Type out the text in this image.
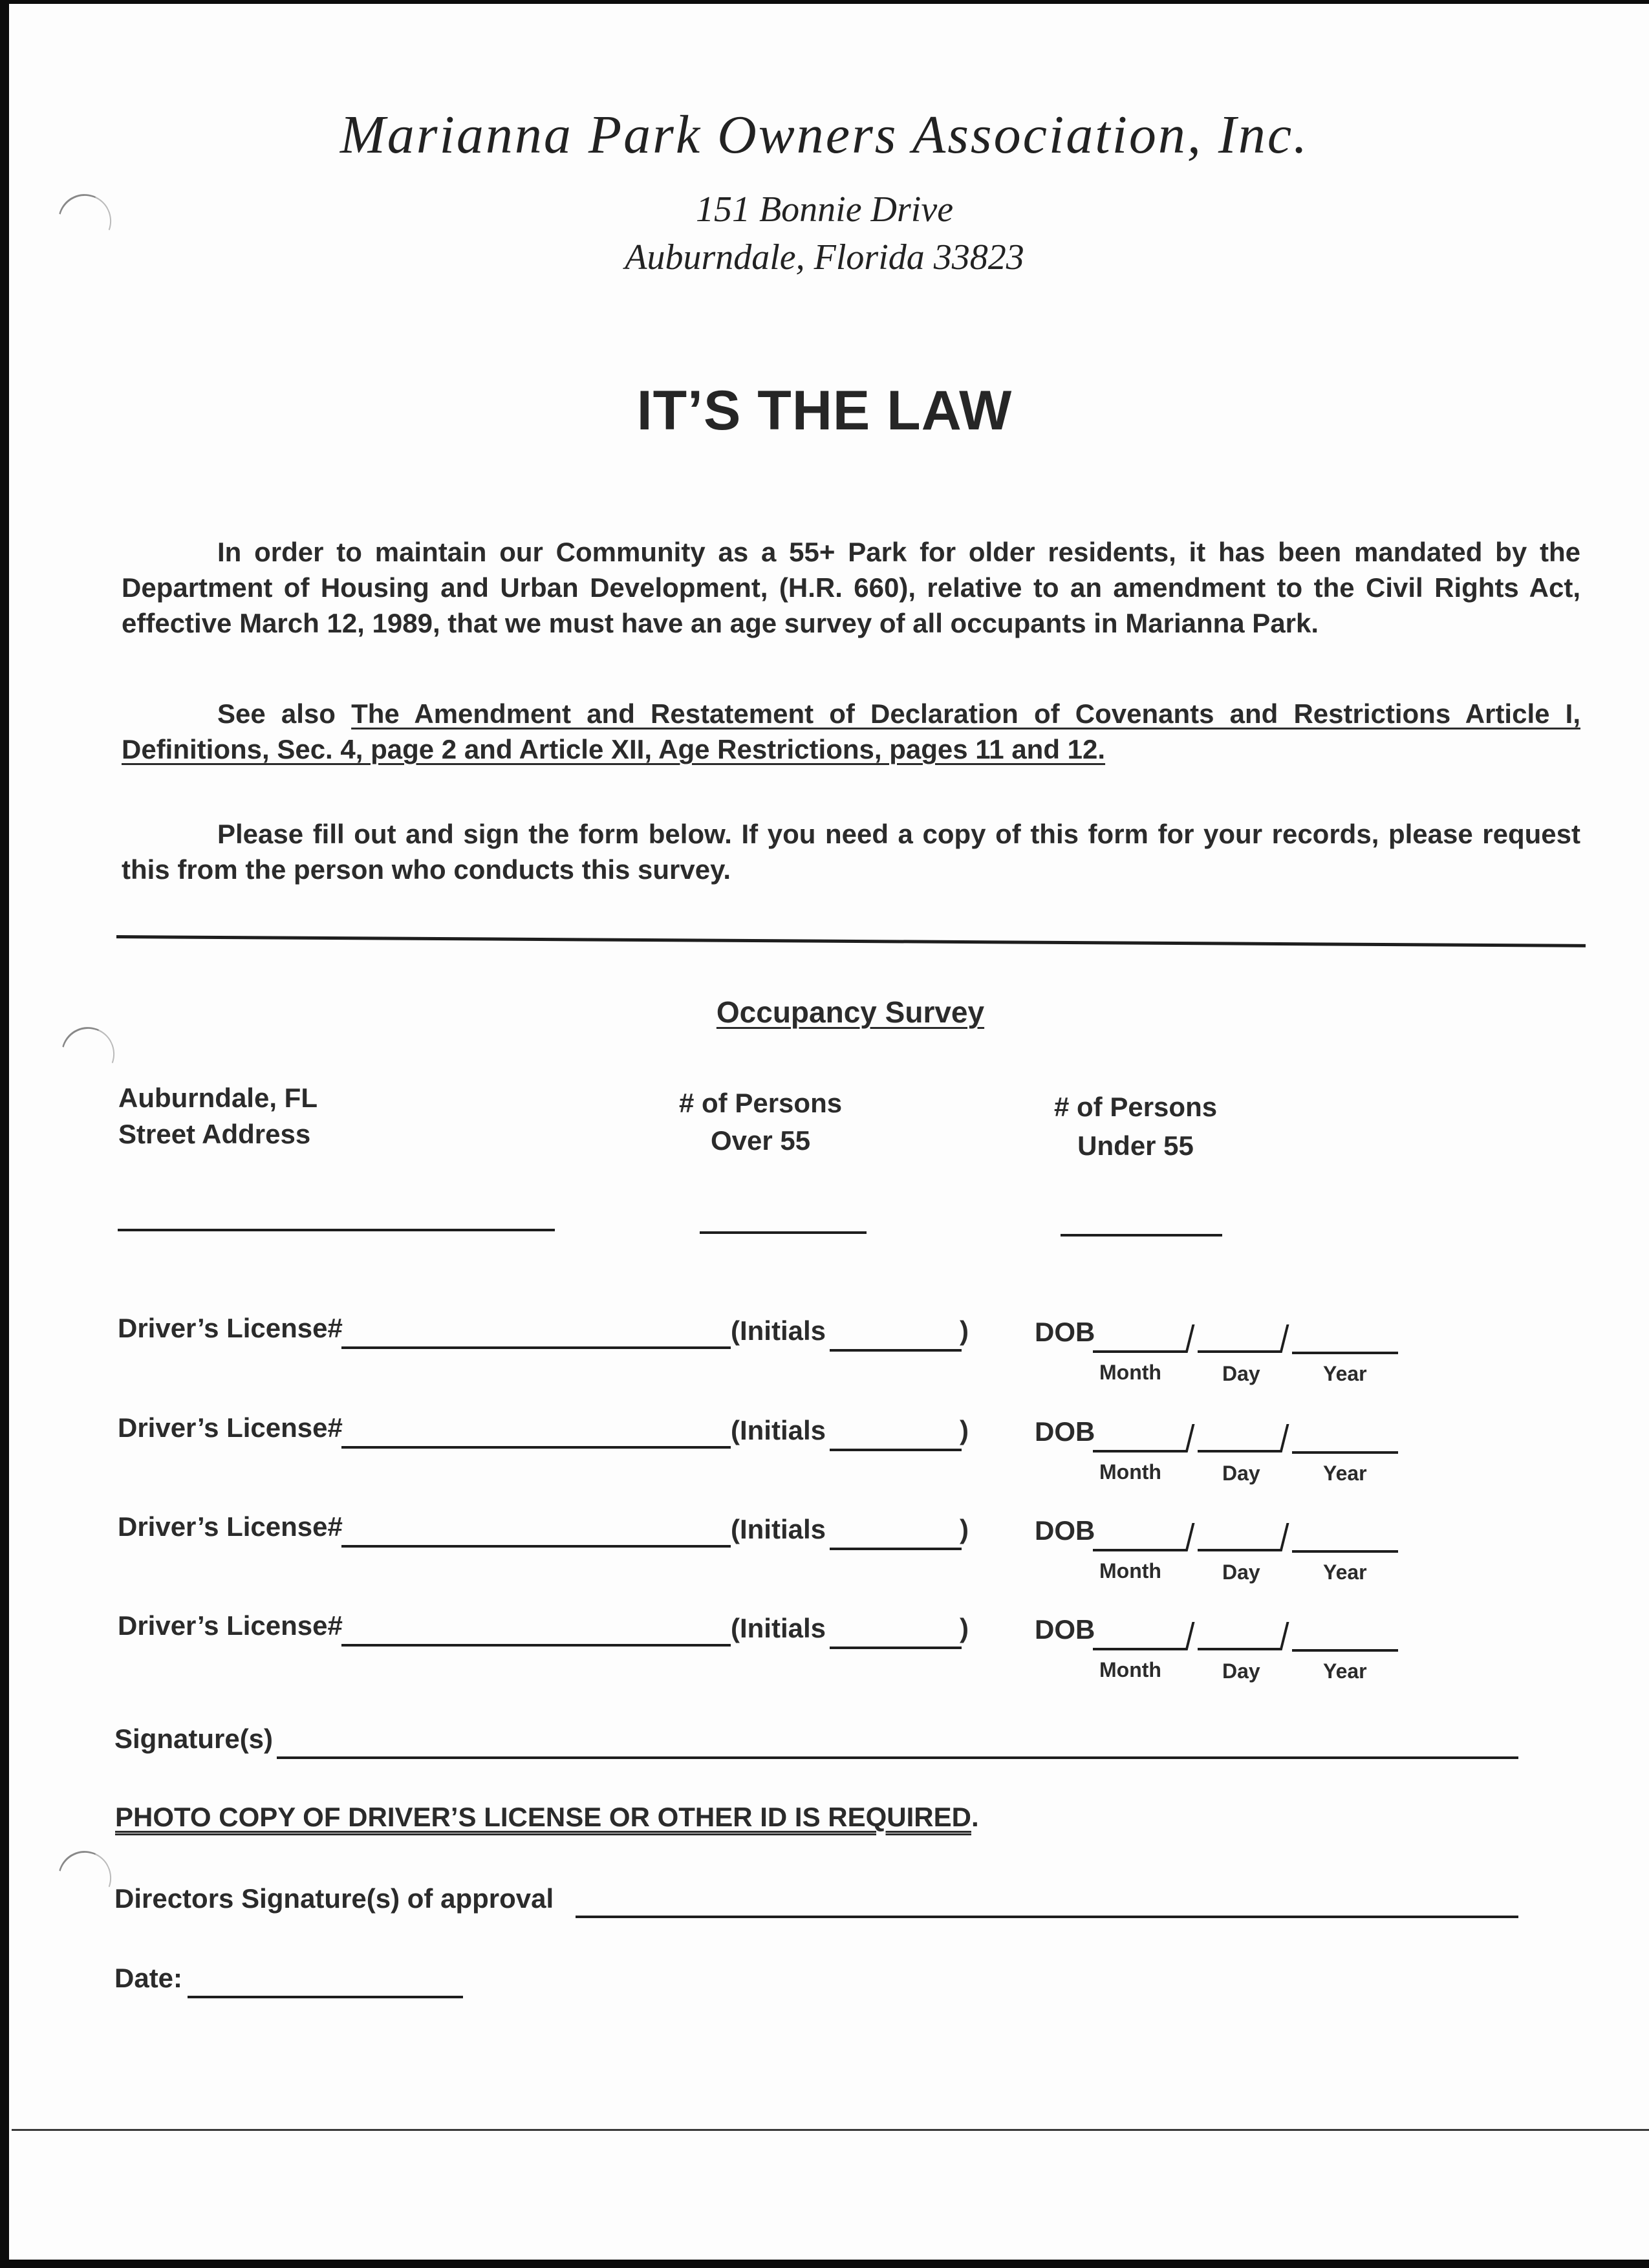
Marianna Park Owners Association, Inc.
151 Bonnie Drive
Auburndale, Florida 33823
IT’S THE LAW
In order to maintain our Community as a 55+ Park for older residents, it has been mandated by the Department of Housing and Urban Development, (H.R. 660), relative to an amendment to the Civil Rights Act, effective March 12, 1989, that we must have an age survey of all occupants in Marianna Park.
See also The Amendment and Restatement of Declaration of Covenants and Restrictions Article I, Definitions, Sec. 4, page 2 and Article XII, Age Restrictions, pages 11 and 12.
Please fill out and sign the form below. If you need a copy of this form for your records, please request this from the person who conducts this survey.
Occupancy Survey
Auburndale, FL
Street Address
# of Persons
Over 55
# of Persons
Under 55
Driver’s License#	(Initials	) DOB
Month	Day	Year
Driver’s License#	(Initials	) DOB
Month	Day	Year
Driver’s License#	(Initials	) DOB
Month	Day	Year
Driver’s License#	(Initials	) DOB
Month	Day	Year
Signature(s)
PHOTO COPY OF DRIVER’S LICENSE OR OTHER ID IS REQUIRED.
Directors Signature(s) of approval
Date:
